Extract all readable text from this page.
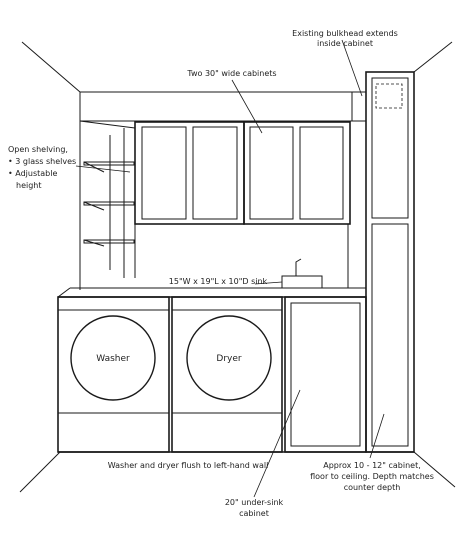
Washer	Dryer
Existing bulkhead extends
inside cabinet
Two 30" wide cabinets
Open shelving,
• 3 glass shelves
• Adjustable
height
15"W x 19"L x 10"D sink
Washer and dryer flush to left-hand wall
20" under-sink
cabinet
Approx 10 - 12" cabinet,
floor to ceiling. Depth matches
counter depth
